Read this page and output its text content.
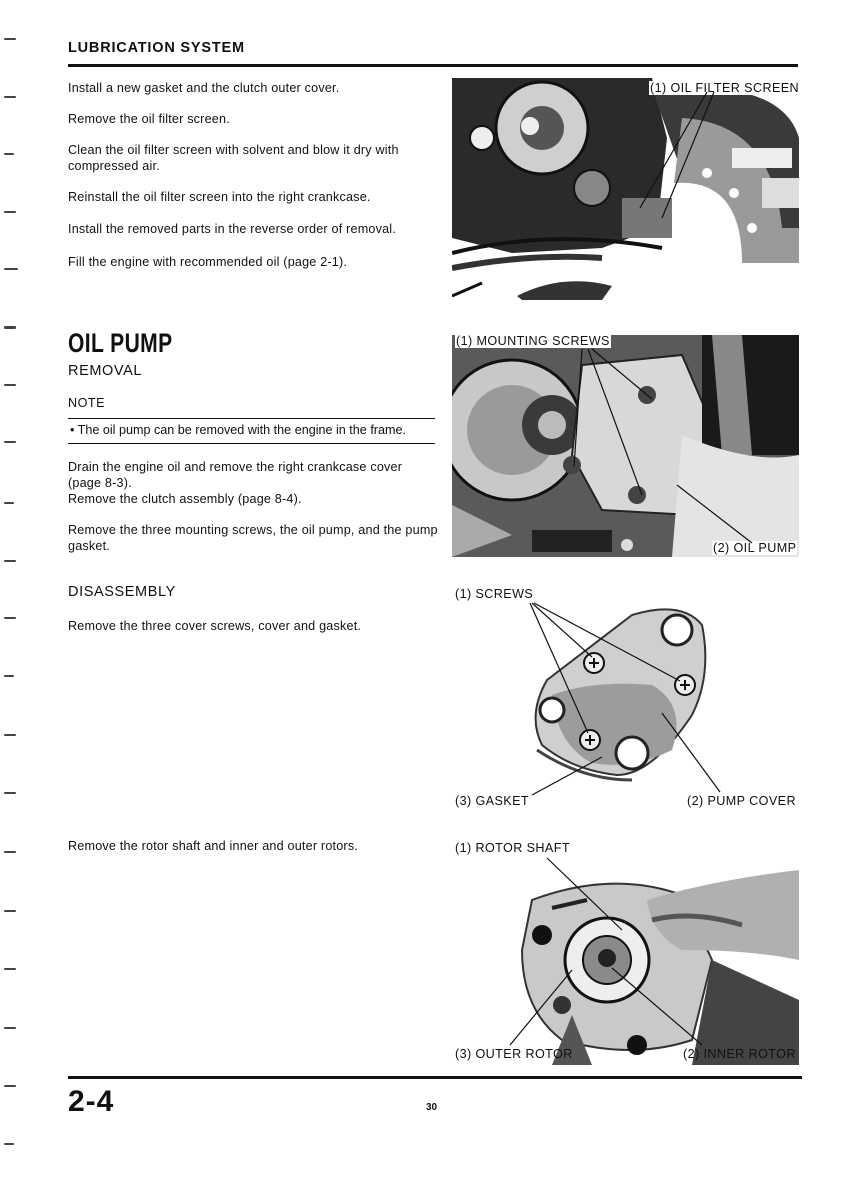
LUBRICATION SYSTEM
Install a new gasket and the clutch outer cover.
Remove the oil filter screen.
Clean the oil filter screen with solvent and blow it dry with compressed air.
Reinstall the oil filter screen into the right crankcase.
Install the removed parts in the reverse order of removal.
Fill the engine with recommended oil (page 2-1).
OIL PUMP
REMOVAL
NOTE
• The oil pump can be removed with the engine in the frame.
Drain the engine oil and remove the right crankcase cover (page 8-3).
Remove the clutch assembly (page 8-4).
Remove the three mounting screws, the oil pump, and the pump gasket.
DISASSEMBLY
Remove the three cover screws, cover and gasket.
Remove the rotor shaft and inner and outer rotors.
(1) OIL FILTER SCREEN
(1) MOUNTING SCREWS
(2) OIL PUMP
(1) SCREWS
(3) GASKET	(2) PUMP COVER
(1) ROTOR SHAFT
(3) OUTER ROTOR	(2) INNER ROTOR
2-4	30
